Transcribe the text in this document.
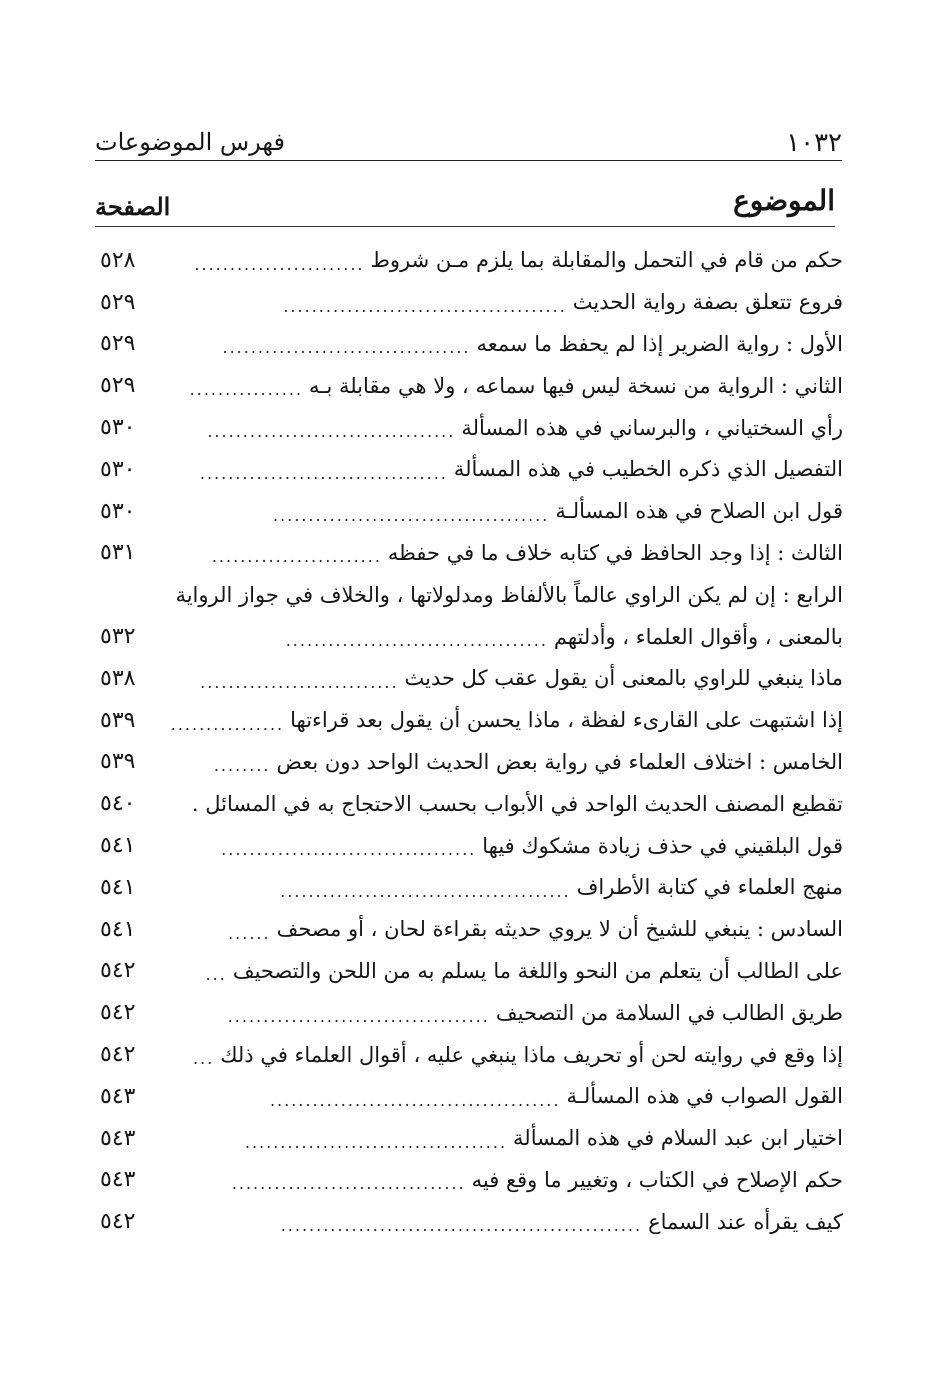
١٠٣٢
فهرس الموضوعات
الموضوع
الصفحة
حكم من قام في التحمل والمقابلة بما يلزم مـن شروط
........................
٥٢٨
فروع تتعلق بصفة رواية الحديث
........................................
٥٢٩
الأول : رواية الضرير إذا لم يحفظ ما سمعه
...................................
٥٢٩
الثاني : الرواية من نسخة ليس فيها سماعه ، ولا هي مقابلة بـه
................
٥٢٩
رأي السختياني ، والبرساني في هذه المسألة
...................................
٥٣٠
التفصيل الذي ذكره الخطيب في هذه المسألة
...................................
٥٣٠
قول ابن الصلاح في هذه المسألـة
.......................................
٥٣٠
الثالث : إذا وجد الحافظ في كتابه خلاف ما في حفظه
........................
٥٣١
الرابع : إن لم يكن الراوي عالماً بالألفاظ ومدلولاتها ، والخلاف في جواز الرواية
بالمعنى ، وأقوال العلماء ، وأدلتهم
.....................................
٥٣٢
ماذا ينبغي للراوي بالمعنى أن يقول عقب كل حديث
............................
٥٣٨
إذا اشتبهت على القارىء لفظة ، ماذا يحسن أن يقول بعد قراءتها
................
٥٣٩
الخامس : اختلاف العلماء في رواية بعض الحديث الواحد دون بعض
........
٥٣٩
تقطيع المصنف الحديث الواحد في الأبواب بحسب الاحتجاج به في المسائل .
٥٤٠
قول البلقيني في حذف زيادة مشكوك فيها
....................................
٥٤١
منهج العلماء في كتابة الأطراف
.........................................
٥٤١
السادس : ينبغي للشيخ أن لا يروي حديثه بقراءة لحان ، أو مصحف
......
٥٤١
على الطالب أن يتعلم من النحو واللغة ما يسلم به من اللحن والتصحيف
...
٥٤٢
طريق الطالب في السلامة من التصحيف
.....................................
٥٤٢
إذا وقع في روايته لحن أو تحريف ماذا ينبغي عليه ، أقوال العلماء في ذلك
...
٥٤٢
القول الصواب في هذه المسألـة
.........................................
٥٤٣
اختيار ابن عبد السلام في هذه المسألة
.....................................
٥٤٣
حكم الإصلاح في الكتاب ، وتغيير ما وقع فيه
.................................
٥٤٣
كيف يقرأه عند السماع
...................................................
٥٤٢
